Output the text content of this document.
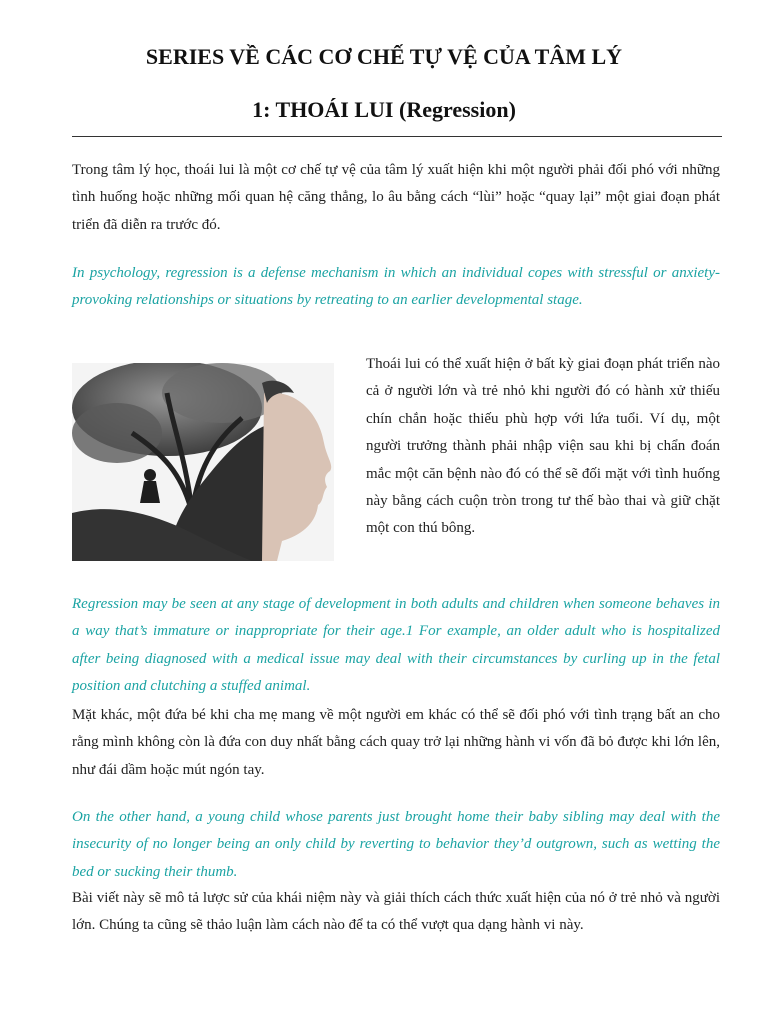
SERIES VỀ CÁC CƠ CHẾ TỰ VỆ CỦA TÂM LÝ
1: THOÁI LUI (Regression)

Trong tâm lý học, thoái lui là một cơ chế tự vệ của tâm lý xuất hiện khi một người phải đối phó với những tình huống hoặc những mối quan hệ căng thẳng, lo âu bằng cách “lùi” hoặc “quay lại” một giai đoạn phát triển đã diễn ra trước đó.

In psychology, regression is a defense mechanism in which an individual copes with stressful or anxiety-provoking relationships or situations by retreating to an earlier developmental stage.

Thoái lui có thể xuất hiện ở bất kỳ giai đoạn phát triển nào cả ở người lớn và trẻ nhỏ khi người đó có hành xử thiếu chín chắn hoặc thiếu phù hợp với lứa tuổi. Ví dụ, một người trưởng thành phải nhập viện sau khi bị chẩn đoán mắc một căn bệnh nào đó có thể sẽ đối mặt với tình huống này bằng cách cuộn tròn trong tư thế bào thai và giữ chặt một con thú bông.

Regression may be seen at any stage of development in both adults and children when someone behaves in a way that’s immature or inappropriate for their age.1 For example, an older adult who is hospitalized after being diagnosed with a medical issue may deal with their circumstances by curling up in the fetal position and clutching a stuffed animal.

Mặt khác, một đứa bé khi cha mẹ mang về một người em khác có thể sẽ đối phó với tình trạng bất an cho rằng mình không còn là đứa con duy nhất bằng cách quay trở lại những hành vi vốn đã bỏ được khi lớn lên, như đái dầm hoặc mút ngón tay.

On the other hand, a young child whose parents just brought home their baby sibling may deal with the insecurity of no longer being an only child by reverting to behavior they’d outgrown, such as wetting the bed or sucking their thumb.

Bài viết này sẽ mô tả lược sử của khái niệm này và giải thích cách thức xuất hiện của nó ở trẻ nhỏ và người lớn. Chúng ta cũng sẽ thảo luận làm cách nào để ta có thể vượt qua dạng hành vi này.
